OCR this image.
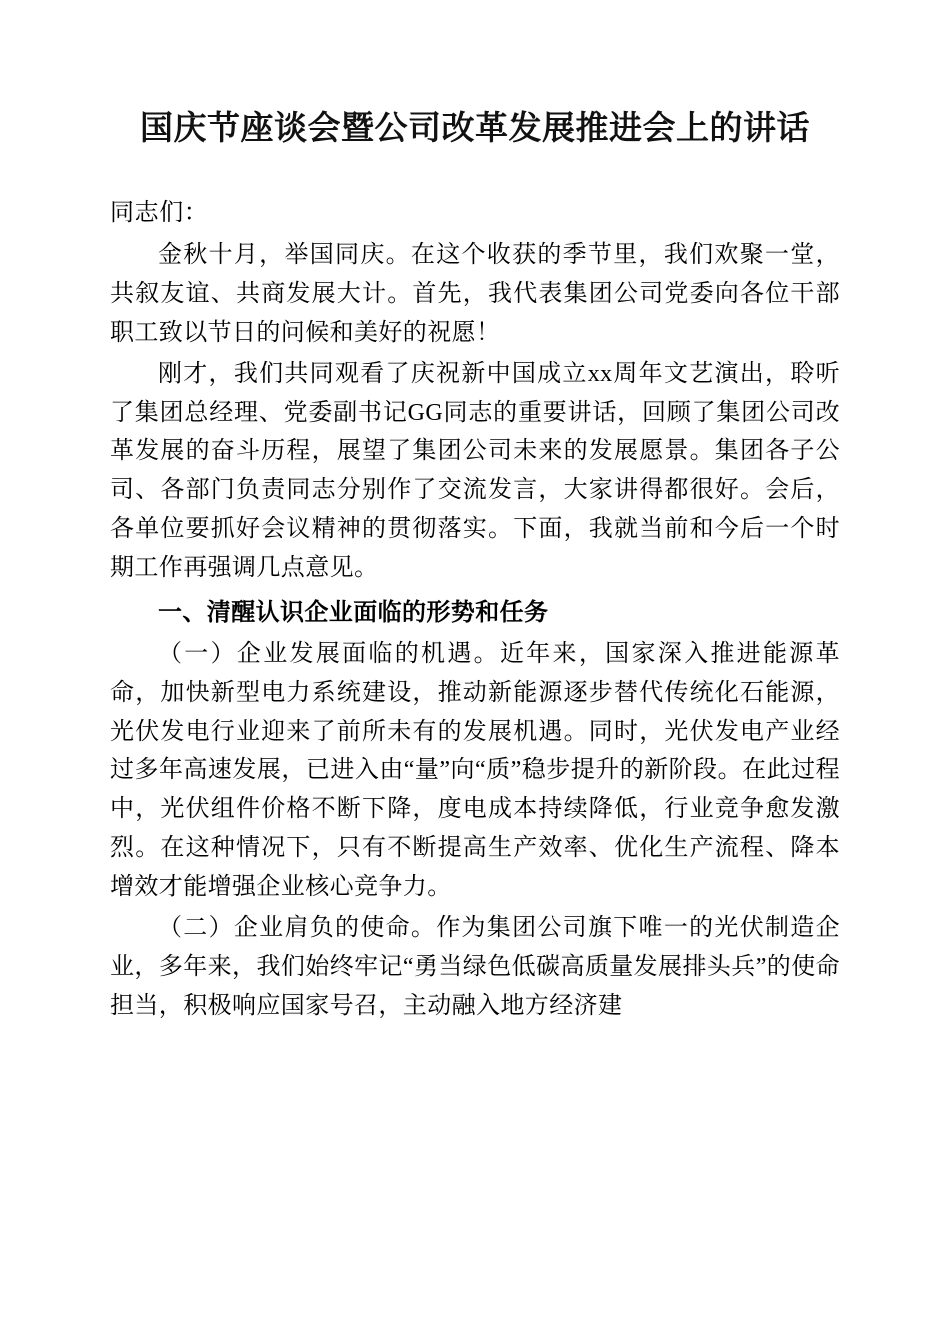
国庆节座谈会暨公司改革发展推进会上的讲话

同志们：

金秋十月，举国同庆。在这个收获的季节里，我们欢聚一堂，共叙友谊、共商发展大计。首先，我代表集团公司党委向各位干部职工致以节日的问候和美好的祝愿！

刚才，我们共同观看了庆祝新中国成立xx周年文艺演出，聆听了集团总经理、党委副书记GG同志的重要讲话，回顾了集团公司改革发展的奋斗历程，展望了集团公司未来的发展愿景。集团各子公司、各部门负责同志分别作了交流发言，大家讲得都很好。会后，各单位要抓好会议精神的贯彻落实。下面，我就当前和今后一个时期工作再强调几点意见。

一、清醒认识企业面临的形势和任务

（一）企业发展面临的机遇。近年来，国家深入推进能源革命，加快新型电力系统建设，推动新能源逐步替代传统化石能源，光伏发电行业迎来了前所未有的发展机遇。同时，光伏发电产业经过多年高速发展，已进入由“量”向“质”稳步提升的新阶段。在此过程中，光伏组件价格不断下降，度电成本持续降低，行业竞争愈发激烈。在这种情况下，只有不断提高生产效率、优化生产流程、降本增效才能增强企业核心竞争力。

（二）企业肩负的使命。作为集团公司旗下唯一的光伏制造企业，多年来，我们始终牢记“勇当绿色低碳高质量发展排头兵”的使命担当，积极响应国家号召，主动融入地方经济建
